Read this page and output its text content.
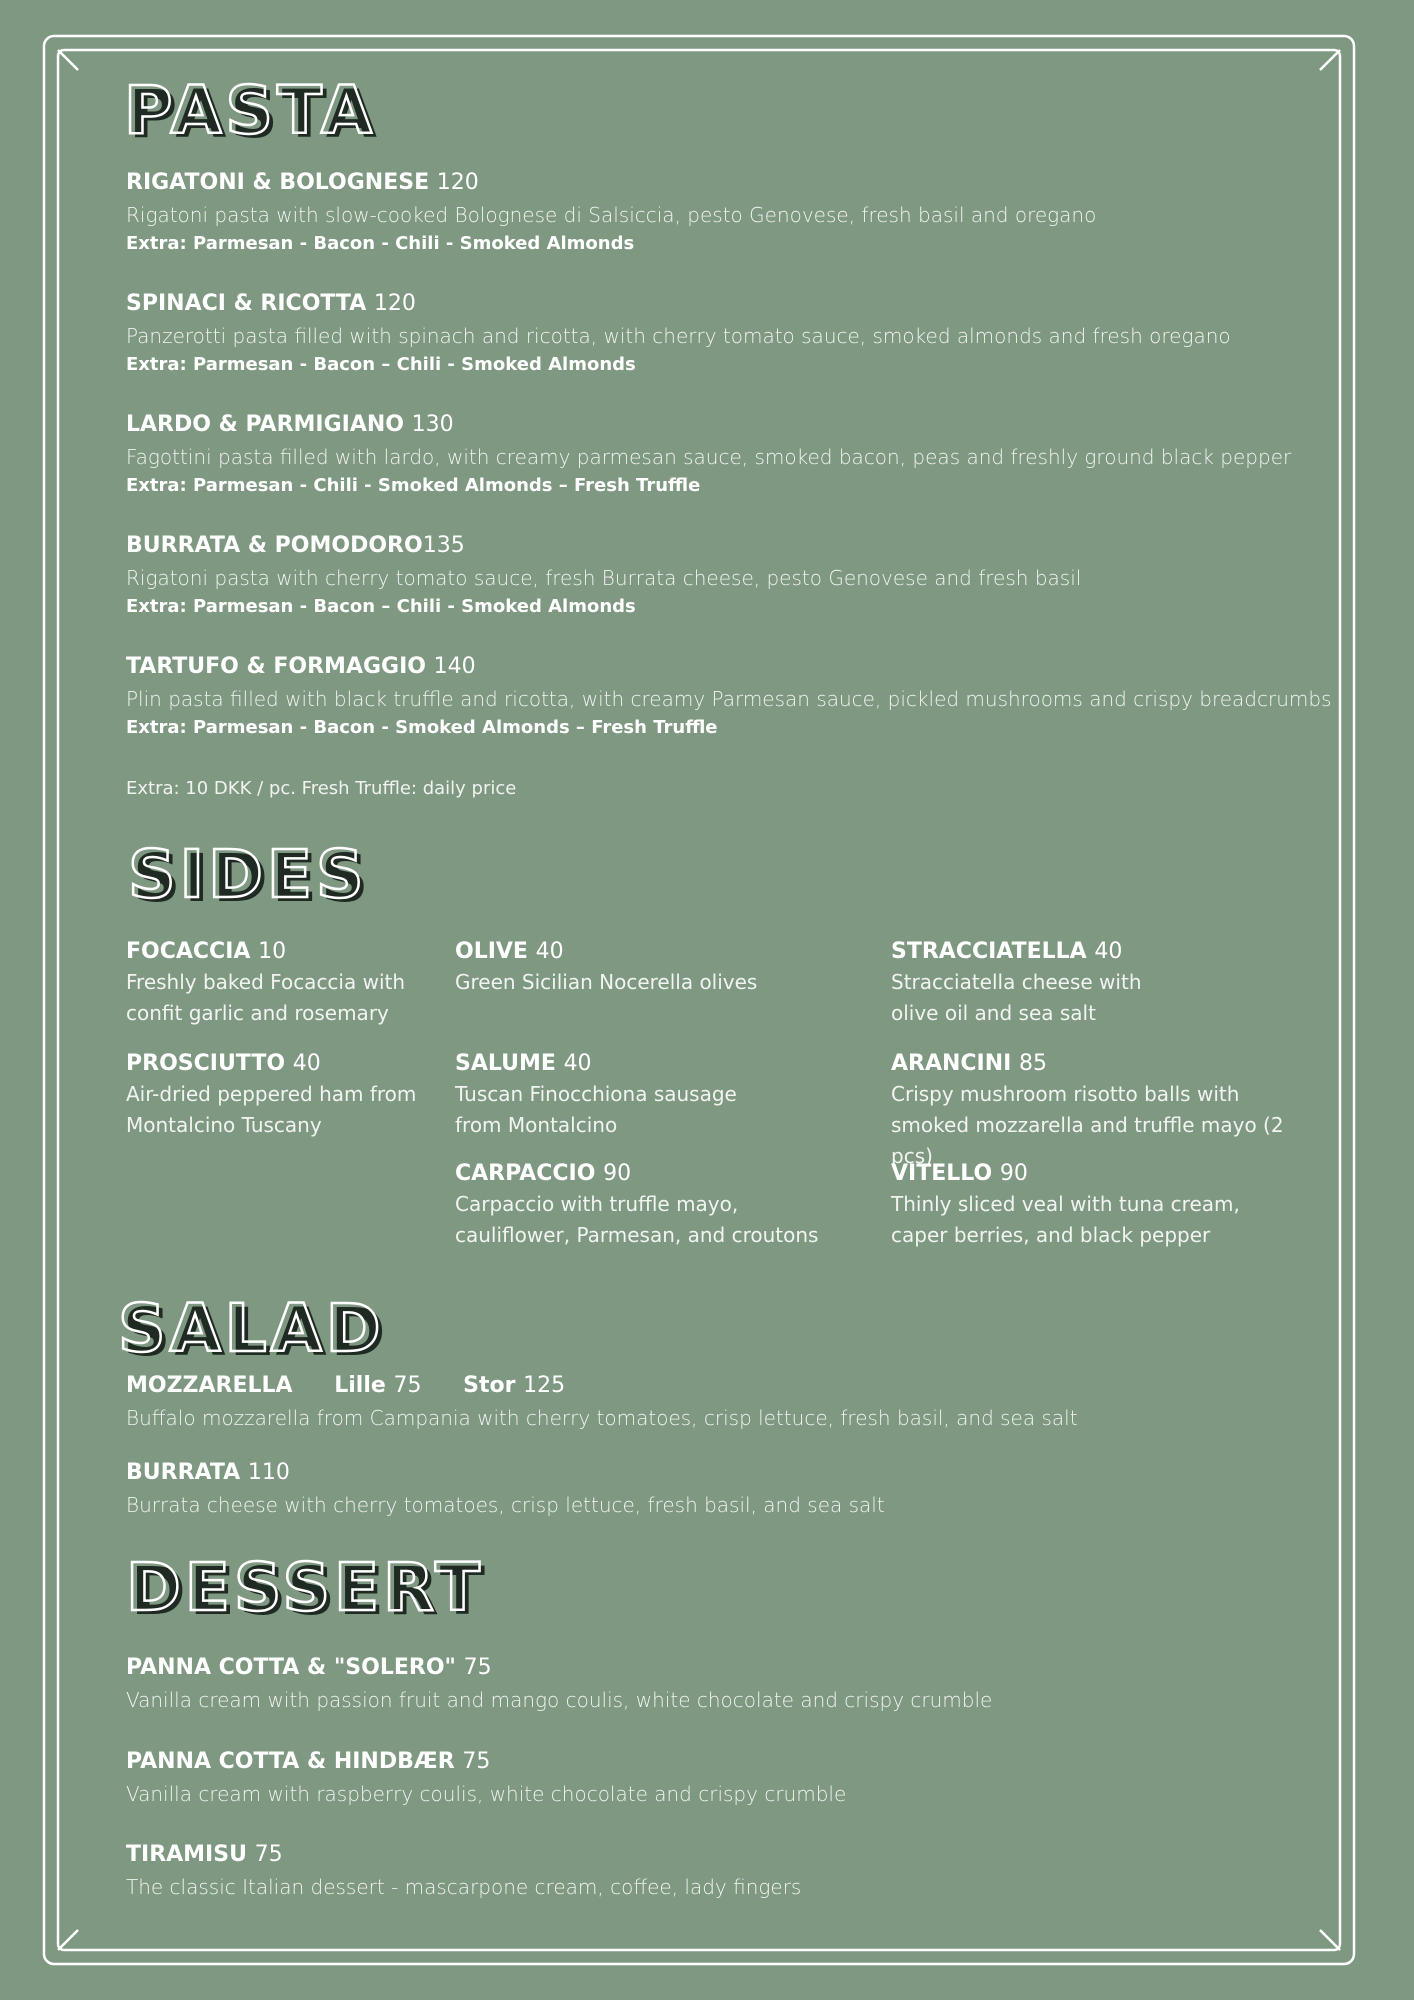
PASTA
RIGATONI & BOLOGNESE 120
Rigatoni pasta with slow-cooked Bolognese di Salsiccia, pesto Genovese, fresh basil and oregano
Extra: Parmesan - Bacon - Chili - Smoked Almonds
SPINACI & RICOTTA 120
Panzerotti pasta filled with spinach and ricotta, with cherry tomato sauce, smoked almonds and fresh oregano
Extra: Parmesan - Bacon – Chili - Smoked Almonds
LARDO & PARMIGIANO 130
Fagottini pasta filled with lardo, with creamy parmesan sauce, smoked bacon, peas and freshly ground black pepper
Extra: Parmesan - Chili - Smoked Almonds – Fresh Truffle
BURRATA & POMODORO135
Rigatoni pasta with cherry tomato sauce, fresh Burrata cheese, pesto Genovese and fresh basil
Extra: Parmesan - Bacon – Chili - Smoked Almonds
TARTUFO & FORMAGGIO 140
Plin pasta filled with black truffle and ricotta, with creamy Parmesan sauce, pickled mushrooms and crispy breadcrumbs
Extra: Parmesan - Bacon - Smoked Almonds – Fresh Truffle
Extra: 10 DKK / pc. Fresh Truffle: daily price
SIDES
FOCACCIA 10
Freshly baked Focaccia with
confit garlic and rosemary
OLIVE 40
Green Sicilian Nocerella olives
STRACCIATELLA 40
Stracciatella cheese with
olive oil and sea salt
PROSCIUTTO 40
Air-dried peppered ham from
Montalcino Tuscany
SALUME 40
Tuscan Finocchiona sausage
from Montalcino
ARANCINI 85
Crispy mushroom risotto balls with
smoked mozzarella and truffle mayo (2 pcs)
CARPACCIO 90
Carpaccio with truffle mayo,
cauliflower, Parmesan, and croutons
VITELLO 90
Thinly sliced veal with tuna cream,
caper berries, and black pepper
SALAD
MOZZARELLA Lille 75 Stor 125
Buffalo mozzarella from Campania with cherry tomatoes, crisp lettuce, fresh basil, and sea salt
BURRATA 110
Burrata cheese with cherry tomatoes, crisp lettuce, fresh basil, and sea salt
DESSERT
PANNA COTTA & "SOLERO" 75
Vanilla cream with passion fruit and mango coulis, white chocolate and crispy crumble
PANNA COTTA & HINDBÆR 75
Vanilla cream with raspberry coulis, white chocolate and crispy crumble
TIRAMISU 75
The classic Italian dessert - mascarpone cream, coffee, lady fingers
